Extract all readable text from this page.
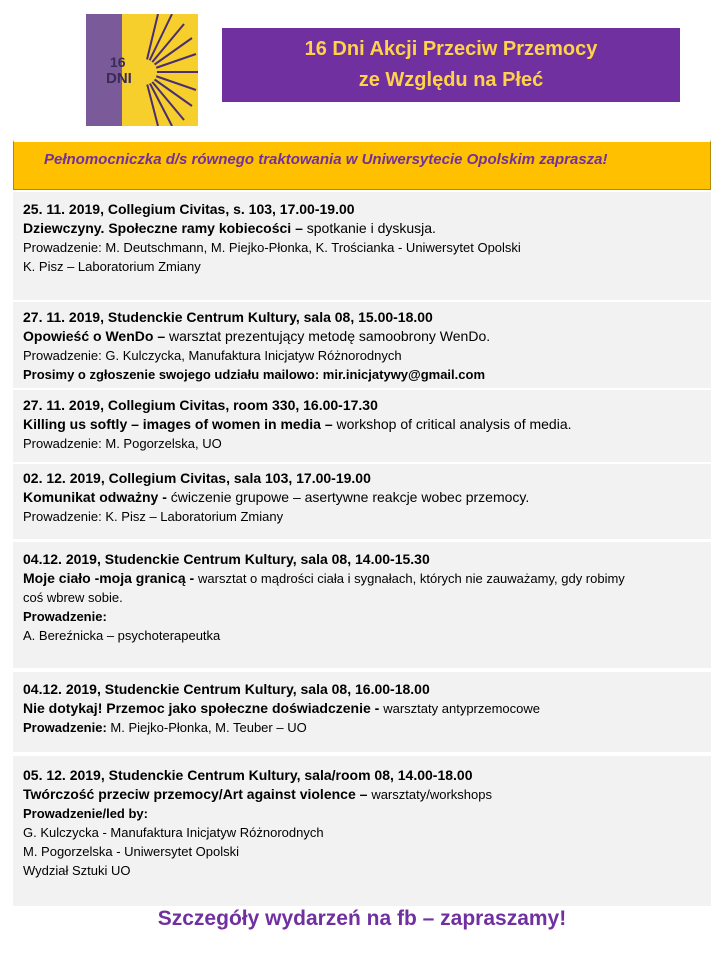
16
DNI
16 Dni Akcji Przeciw Przemocy
ze Względu na Płeć
Pełnomocniczka d/s równego traktowania w Uniwersytecie Opolskim zaprasza!
25. 11. 2019, Collegium Civitas, s. 103, 17.00-19.00
Dziewczyny. Społeczne ramy kobiecości – spotkanie i dyskusja.
Prowadzenie: M. Deutschmann, M. Piejko-Płonka, K. Trościanka - Uniwersytet Opolski
K. Pisz – Laboratorium Zmiany
27. 11. 2019, Studenckie Centrum Kultury, sala 08, 15.00-18.00
Opowieść o WenDo – warsztat prezentujący metodę samoobrony WenDo.
Prowadzenie: G. Kulczycka, Manufaktura Inicjatyw Różnorodnych
Prosimy o zgłoszenie swojego udziału mailowo: mir.inicjatywy@gmail.com
27. 11. 2019, Collegium Civitas, room 330, 16.00-17.30
Killing us softly – images of women in media – workshop of critical analysis of media.
Prowadzenie: M. Pogorzelska, UO
02. 12. 2019, Collegium Civitas, sala 103, 17.00-19.00
Komunikat odważny - ćwiczenie grupowe – asertywne reakcje wobec przemocy.
Prowadzenie: K. Pisz – Laboratorium Zmiany
04.12. 2019, Studenckie Centrum Kultury, sala 08, 14.00-15.30
Moje ciało -moja granicą - warsztat o mądrości ciała i sygnałach, których nie zauważamy, gdy robimy
coś wbrew sobie.
Prowadzenie:
A. Bereźnicka – psychoterapeutka
04.12. 2019, Studenckie Centrum Kultury, sala 08, 16.00-18.00
Nie dotykaj! Przemoc jako społeczne doświadczenie - warsztaty antyprzemocowe
Prowadzenie: M. Piejko-Płonka, M. Teuber – UO
05. 12. 2019, Studenckie Centrum Kultury, sala/room 08, 14.00-18.00
Twórczość przeciw przemocy/Art against violence – warsztaty/workshops
Prowadzenie/led by:
G. Kulczycka - Manufaktura Inicjatyw Różnorodnych
M. Pogorzelska - Uniwersytet Opolski
Wydział Sztuki UO
Szczegóły wydarzeń na fb – zapraszamy!
